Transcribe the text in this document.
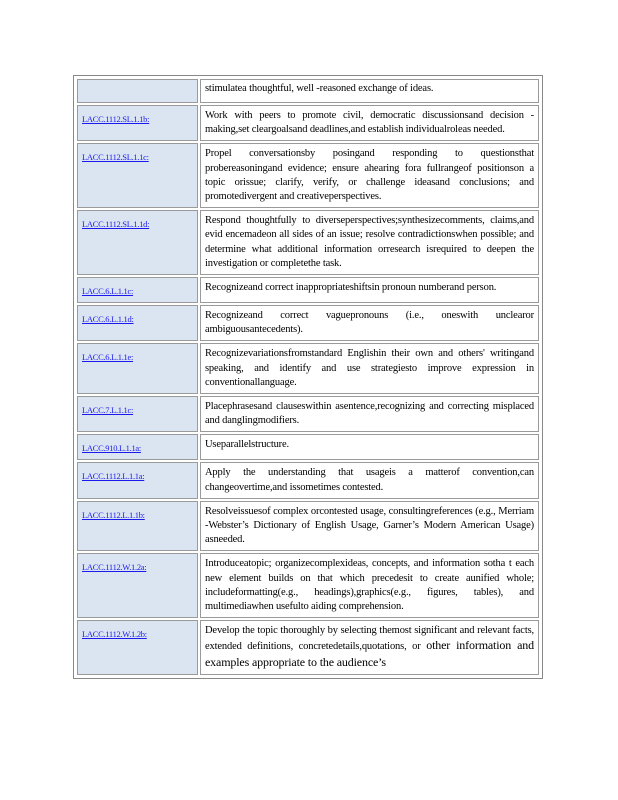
	stimulatea thoughtful, well -reasoned exchange of ideas.
LACC.1112.SL.1.1b:	Work with peers to promote civil, democratic discussionsand decision -making,set cleargoalsand deadlines,and establish individualroleas needed.
LACC.1112.SL.1.1c:	Propel conversationsby posingand responding to questionsthat probereasoningand evidence; ensure ahearing fora fullrangeof positionson a topic orissue; clarify, verify, or challenge ideasand conclusions; and promotedivergent and creativeperspectives.
LACC.1112.SL.1.1d:	Respond thoughtfully to diverseperspectives;synthesizecomments, claims,and evid encemadeon all sides of an issue; resolve contradictionswhen possible; and determine what additional information orresearch isrequired to deepen the investigation or completethe task.
LACC.6.L.1.1c:	Recognizeand correct inappropriateshiftsin pronoun numberand person.
LACC.6.L.1.1d:	Recognizeand correct vaguepronouns (i.e., oneswith unclearor ambiguousantecedents).
LACC.6.L.1.1e:	Recognizevariationsfromstandard Englishin their own and others' writingand speaking, and identify and use strategiesto improve expression in conventionallanguage.
LACC.7.L.1.1c:	Placephrasesand clauseswithin asentence,recognizing and correcting misplaced and danglingmodifiers.
LACC.910.L.1.1a:	Useparallelstructure.
LACC.1112.L.1.1a:	Apply the understanding that usageis a matterof convention,can changeovertime,and issometimes contested.
LACC.1112.L.1.1b:	Resolveissuesof complex orcontested usage, consultingreferences (e.g., Merriam -Webster’s Dictionary of English Usage, Garner’s Modern American Usage) asneeded.
LACC.1112.W.1.2a:	Introduceatopic; organizecomplexideas, concepts, and information sotha t each new element builds on that which precedesit to create aunified whole; includeformatting(e.g., headings),graphics(e.g., figures, tables), and multimediawhen usefulto aiding comprehension.
LACC.1112.W.1.2b:	Develop the topic thoroughly by selecting themost significant and relevant facts, extended definitions, concretedetails,quotations, or other information and examples appropriate to the audience’s
